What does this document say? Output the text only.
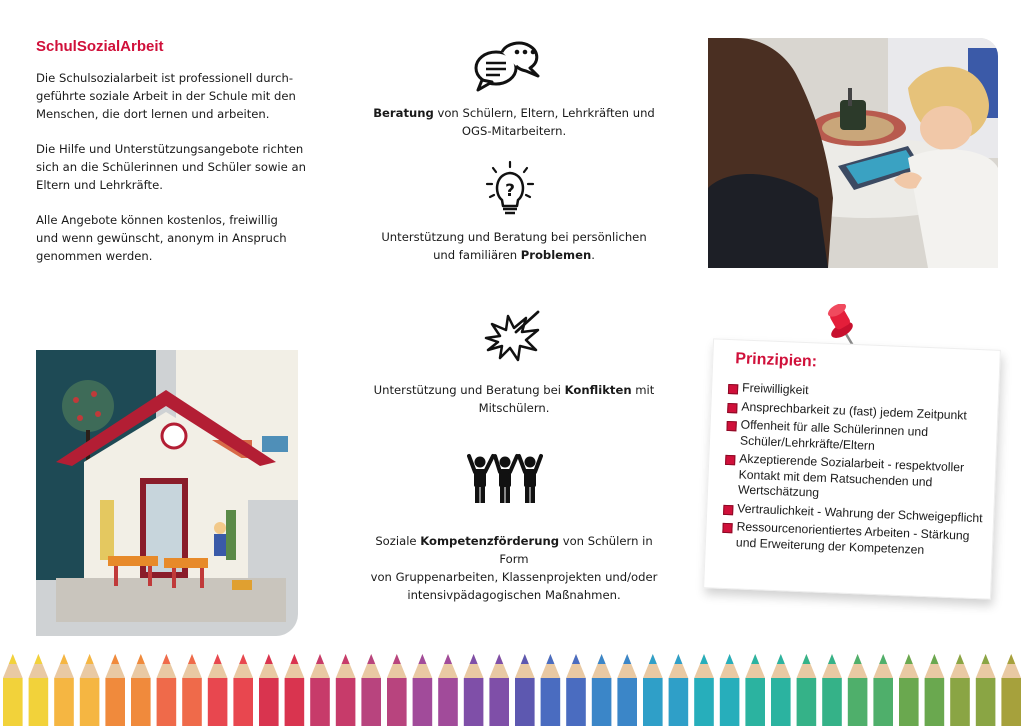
SchulSozialArbeit

Die Schulsozialarbeit ist professionell durch-
geführte soziale Arbeit in der Schule mit den
Menschen, die dort lernen und arbeiten.

Die Hilfe und Unterstützungsangebote richten
sich an die Schülerinnen und Schüler sowie an
Eltern und Lehrkräfte.

Alle Angebote können kostenlos, freiwillig
und wenn gewünscht, anonym in Anspruch
genommen werden.

Beratung von Schülern, Eltern, Lehrkräften und
OGS-Mitarbeitern.
?
Unterstützung und Beratung bei persönlichen
und familiären Problemen.
Unterstützung und Beratung bei Konflikten mit
Mitschülern.
Soziale Kompetenzförderung von Schülern in Form
von Gruppenarbeiten, Klassenprojekten und/oder
intensivpädagogischen Maßnahmen.
Prinzipien:
Freiwilligkeit
Ansprechbarkeit zu (fast) jedem Zeitpunkt
Offenheit für alle Schülerinnen und Schüler/Lehrkräfte/Eltern
Akzeptierende Sozialarbeit - respektvoller Kontakt mit dem Ratsuchenden und Wertschätzung
Vertraulichkeit - Wahrung der Schweigepflicht
Ressourcenorientiertes Arbeiten - Stärkung und Erweiterung der Kompetenzen
